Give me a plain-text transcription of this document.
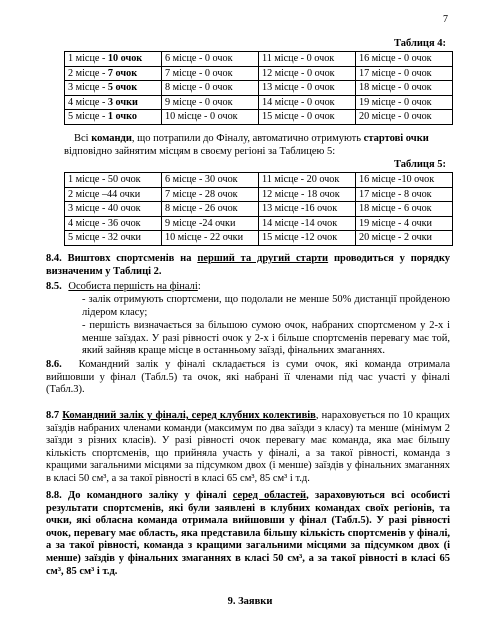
7
Таблиця 4:
1 місце - 10 очок	6 місце - 0 очок	11 місце - 0 очок	16 місце - 0 очок
2 місце - 7 очок	7 місце - 0 очок	12 місце - 0 очок	17 місце - 0 очок
3 місце - 5 очок	8 місце - 0 очок	13 місце - 0 очок	18 місце - 0 очок
4 місце - 3 очки	9 місце - 0 очок	14 місце - 0 очок	19 місце - 0 очок
5 місце - 1 очко	10 місце - 0 очок	15 місце - 0 очок	20 місце - 0 очок
Всі команди, що потрапили до Фіналу, автоматично отримують стартові очки
відповідно зайнятим місцям в своєму регіоні за Таблицею 5:
Таблиця 5:
1 місце - 50 очок	6 місце - 30 очок	11 місце - 20 очок	16 місце -10 очок
2 місце –44 очки	7 місце - 28 очок	12 місце - 18 очок	17 місце - 8 очок
3 місце - 40 очок	8 місце - 26 очок	13 місце -16 очок	18 місце - 6 очок
4 місце - 36 очок	9 місце -24 очки	14 місце -14 очок	19 місце - 4 очки
5 місце - 32 очки	10 місце - 22 очки	15 місце -12 очок	20 місце - 2 очки
8.4. Виштовх спортсменів на перший та другий старти проводиться у порядку визначеним у Таблиці 2.
8.5. Особиста першість на фіналі:
- залік отримують спортсмени, що подолали не менше 50% дистанції пройденою лідером класу;
- першість визначається за більшою сумою очок, набраних спортсменом у 2-х і менше заїздах. У разі рівності очок у 2-х і більше спортсменів перевагу має той, який зайняв краще місце в останньому заїзді, фінальних змаганнях.
8.6. Командний залік у фіналі складається із суми очок, які команда отримала вийшовши у фінал (Табл.5) та очок, які набрані її членами під час участі у фіналі (Табл.3).
8.7 Командний залік у фіналі, серед клубних колективів, нараховується по 10 кращих заїздів набраних членами команди (максимум по два заїзди з класу) та менше (мінімум 2 заїзди з різних класів). У разі рівності очок перевагу має команда, яка має більшу кількість спортсменів, що прийняла участь у фіналі, а за такої рівності, команда з кращими загальними місцями за підсумком двох (і менше) заїздів у фінальних змаганнях в класі 50 см³, а за такої рівності в класі 65 см³, 85 см³ і т.д.
8.8. До командного заліку у фіналі серед областей, зараховуються всі особисті результати спортсменів, які були заявлені в клубних командах своїх регіонів, та очки, які обласна команда отримала вийшовши у фінал (Табл.5). У разі рівності очок, перевагу має область, яка представила більшу кількість спортсменів у фіналі, а за такої рівності, команда з кращими загальними місцями за підсумком двох (і менше) заїздів у фінальних змаганнях в класі 50 см³, а за такої рівності в класі 65 см³, 85 см³ і т.д.
9. Заявки
